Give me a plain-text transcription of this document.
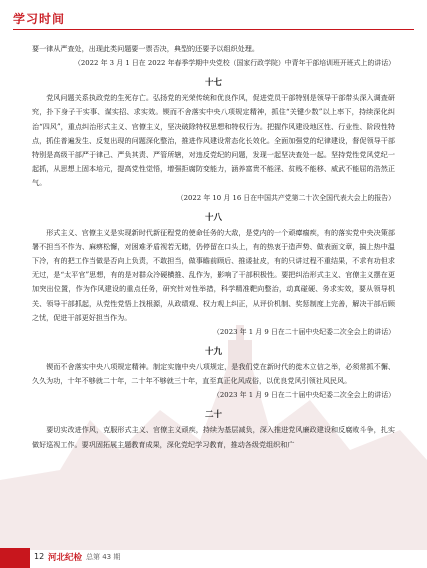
学习时间

要一律从严查处，出现此类问题要一票否决，典型的还要予以组织处理。

（2022 年 3 月 1 日在 2022 年春季学期中央党校（国家行政学院）中青年干部培训班开班式上的讲话）

十七

党风问题关系执政党的生死存亡。弘扬党的光荣传统和优良作风，促进党员干部特别是领导干部带头深入调查研究，扑下身子干实事、谋实招、求实效。锲而不舍落实中央八项规定精神，抓住“关键少数”以上率下，持续深化纠治“四风”，重点纠治形式主义、官僚主义，坚决破除特权思想和特权行为。把握作风建设地区性、行业性、阶段性特点，抓住普遍发生、反复出现的问题深化整治，推进作风建设常态化长效化。全面加强党的纪律建设，督促领导干部特别是高级干部严于律己、严负其责、严管所辖，对违反党纪的问题，发现一起坚决查处一起。坚持党性党风党纪一起抓，从思想上固本培元，提高党性觉悟，增强拒腐防变能力，涵养富贵不能淫、贫贱不能移、威武不能屈的浩然正气。

（2022 年 10 月 16 日在中国共产党第二十次全国代表大会上的报告）

十八

形式主义、官僚主义是实现新时代新征程党的使命任务的大敌，是党内的一个顽瘴痼疾，有的落实党中央决策部署不担当不作为、麻痹松懈，对困难矛盾视若无睹，仍停留在口头上，有的热衷于造声势、做表面文章，搞上热中温下冷，有的把工作当做是否向上负责，不敢担当，做事瞻前顾后、推诿扯皮，有的只讲过程不重结果，不求有功但求无过，是“太平官”思想，有的是对群众冷硬横推、乱作为，影响了干部积极性。要把纠治形式主义、官僚主义摆在更加突出位置，作为作风建设的重点任务，研究针对性举措，科学精准靶向整治，动真碰硬、务求实效，要从领导机关、领导干部抓起，从党性党悟上找根源，从政绩观、权力观上纠正，从评价机制、奖惩制度上完善，解决干部后顾之忧，促进干部更好担当作为。

（2023 年 1 月 9 日在二十届中央纪委二次全会上的讲话）

十九

锲而不舍落实中央八项规定精神。制定实施中央八项规定，是我们党在新时代的徙木立信之举，必须常抓不懈、久久为功，十年不够就二十年，二十年不够就三十年，直至真正化风成俗，以优良党风引领社风民风。

（2023 年 1 月 9 日在二十届中央纪委二次全会上的讲话）

二十

要切实改进作风，克服形式主义、官僚主义顽疾，持续为基层减负，深入推进党风廉政建设和反腐败斗争，扎实做好巡视工作。要巩固拓展主题教育成果，深化党纪学习教育，推动各级党组织和广

12 河北纪检 总第 43 期
